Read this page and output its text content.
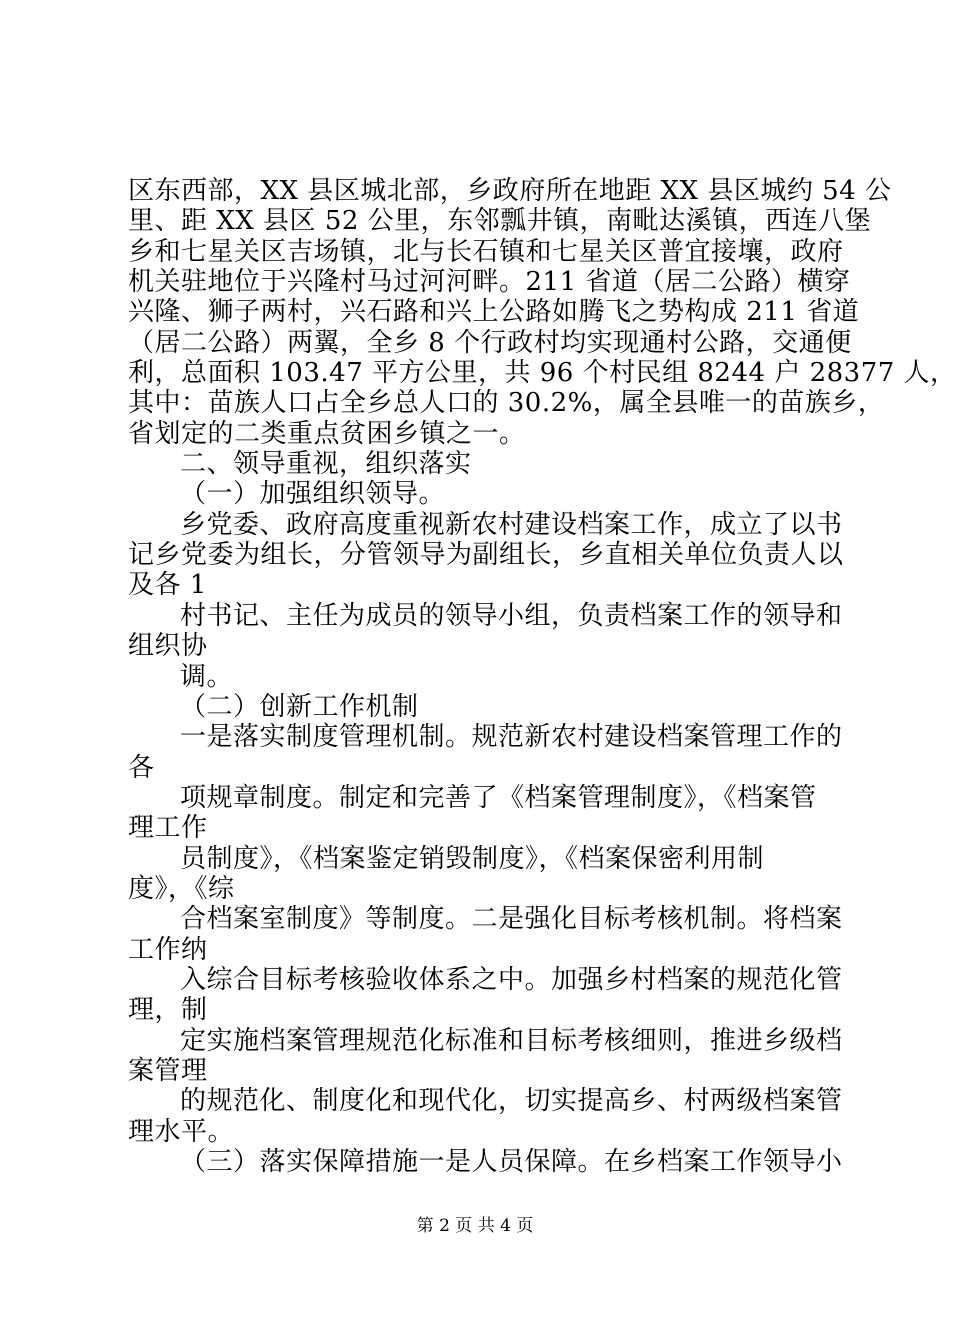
区东西部，XX 县区城北部，乡政府所在地距 XX 县区城约 54 公
里、距 XX 县区 52 公里，东邻瓢井镇，南毗达溪镇，西连八堡
乡和七星关区吉场镇，北与长石镇和七星关区普宜接壤，政府
机关驻地位于兴隆村马过河河畔。211 省道（居二公路）横穿
兴隆、狮子两村，兴石路和兴上公路如腾飞之势构成 211 省道
（居二公路）两翼，全乡 8 个行政村均实现通村公路，交通便
利，总面积 103.47 平方公里，共 96 个村民组 8244 户 28377 人，
其中：苗族人口占全乡总人口的 30.2%，属全县唯一的苗族乡，
省划定的二类重点贫困乡镇之一。
二、领导重视，组织落实
（一）加强组织领导。
乡党委、政府高度重视新农村建设档案工作，成立了以书
记乡党委为组长，分管领导为副组长，乡直相关单位负责人以
及各 1
村书记、主任为成员的领导小组，负责档案工作的领导和
组织协
调。
（二）创新工作机制
一是落实制度管理机制。规范新农村建设档案管理工作的
各
项规章制度。制定和完善了《档案管理制度》，《档案管
理工作
员制度》，《档案鉴定销毁制度》，《档案保密利用制
度》，《综
合档案室制度》等制度。二是强化目标考核机制。将档案
工作纳
入综合目标考核验收体系之中。加强乡村档案的规范化管
理，制
定实施档案管理规范化标准和目标考核细则，推进乡级档
案管理
的规范化、制度化和现代化，切实提高乡、村两级档案管
理水平。
（三）落实保障措施一是人员保障。在乡档案工作领导小
第 2 页 共 4 页
